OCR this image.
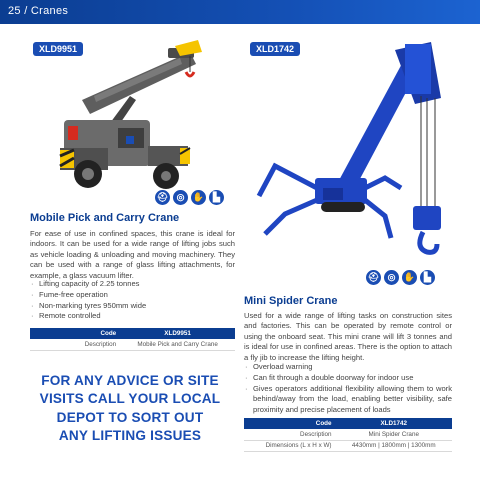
25 / Cranes
XLD9951
⛑ ◎ ✋ ▙
XLD1742
⛑ ◎ ✋ ▙
Mobile Pick and Carry Crane

For ease of use in confined spaces, this crane is ideal for indoors. It can be used for a wide range of lifting jobs such as vehicle loading & unloading and moving machinery. They can be used with a range of glass lifting attachments, for example, a glass vacuum lifter.

· Lifting capacity of 2.25 tonnes
· Fume-free operation
· Non-marking tyres 950mm wide
· Remote controlled
Code	XLD9951
Description	Mobile Pick and Carry Crane
FOR ANY ADVICE OR SITE
VISITS CALL YOUR LOCAL
DEPOT TO SORT OUT
ANY LIFTING ISSUES
Mini Spider Crane

Used for a wide range of lifting tasks on construction sites and factories. This can be operated by remote control or using the onboard seat. This mini crane will lift 3 tonnes and is ideal for use in confined areas. There is the option to attach a fly jib to increase the lifting height.

· Overload warning
· Can fit through a double doorway for indoor use
· Gives operators additional flexibility allowing them to work behind/away from the load, enabling better visibility, safe proximity and precise placement of loads
Code	XLD1742
Description	Mini Spider Crane
Dimensions (L x H x W)	4430mm | 1800mm | 1300mm
